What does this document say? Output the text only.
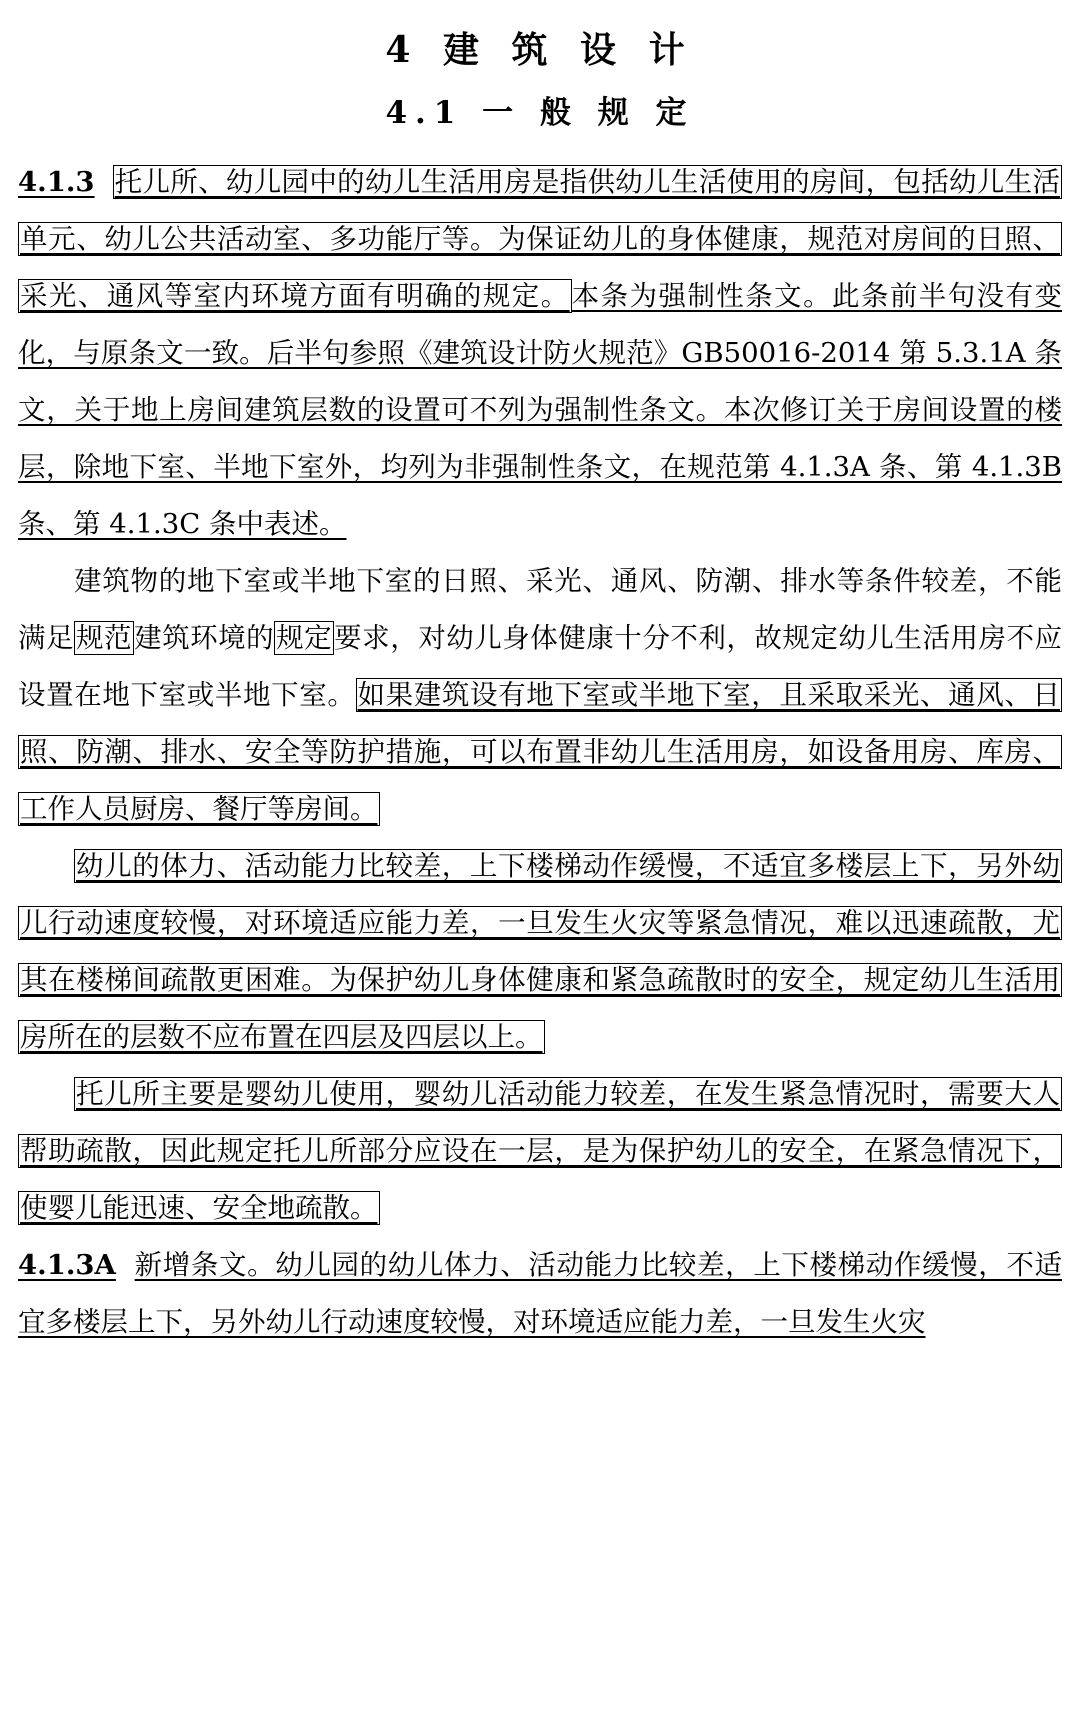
4 建 筑 设 计
4.1 一 般 规 定

4.1.3 托儿所、幼儿园中的幼儿生活用房是指供幼儿生活使用的房间，包括幼儿生活单元、幼儿公共活动室、多功能厅等。为保证幼儿的身体健康，规范对房间的日照、采光、通风等室内环境方面有明确的规定。本条为强制性条文。此条前半句没有变化，与原条文一致。后半句参照《建筑设计防火规范》GB50016-2014 第 5.3.1A 条文，关于地上房间建筑层数的设置可不列为强制性条文。本次修订关于房间设置的楼层，除地下室、半地下室外，均列为非强制性条文，在规范第 4.1.3A 条、第 4.1.3B 条、第 4.1.3C 条中表述。

建筑物的地下室或半地下室的日照、采光、通风、防潮、排水等条件较差，不能满足规范建筑环境的规定要求，对幼儿身体健康十分不利，故规定幼儿生活用房不应设置在地下室或半地下室。如果建筑设有地下室或半地下室，且采取采光、通风、日照、防潮、排水、安全等防护措施，可以布置非幼儿生活用房，如设备用房、库房、工作人员厨房、餐厅等房间。

幼儿的体力、活动能力比较差，上下楼梯动作缓慢，不适宜多楼层上下，另外幼儿行动速度较慢，对环境适应能力差，一旦发生火灾等紧急情况，难以迅速疏散，尤其在楼梯间疏散更困难。为保护幼儿身体健康和紧急疏散时的安全，规定幼儿生活用房所在的层数不应布置在四层及四层以上。

托儿所主要是婴幼儿使用，婴幼儿活动能力较差，在发生紧急情况时，需要大人帮助疏散，因此规定托儿所部分应设在一层，是为保护幼儿的安全，在紧急情况下，使婴儿能迅速、安全地疏散。

4.1.3A 新增条文。幼儿园的幼儿体力、活动能力比较差，上下楼梯动作缓慢，不适宜多楼层上下，另外幼儿行动速度较慢，对环境适应能力差，一旦发生火灾
